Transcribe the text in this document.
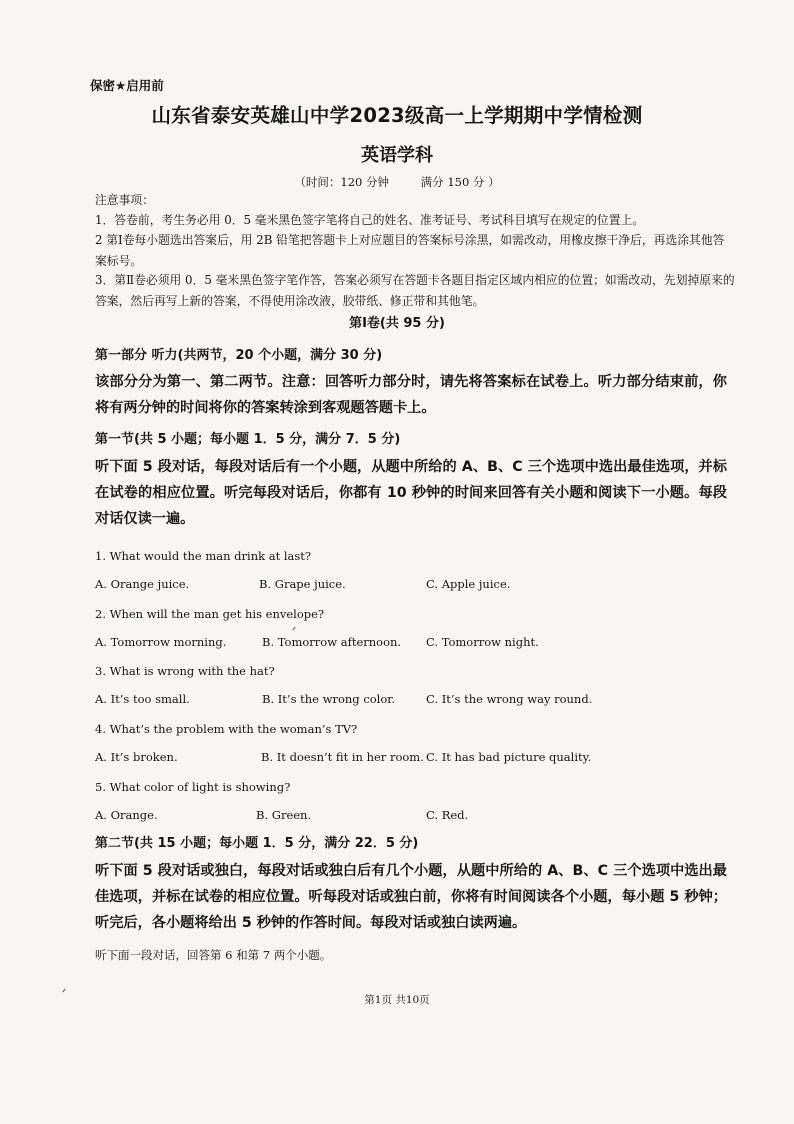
保密★启用前
山东省泰安英雄山中学2023级高一上学期期中学情检测
英语学科
（时间：120 分钟	满分 150 分 ）
注意事项：
1．答卷前，考生务必用 0．5 毫米黑色签字笔将自己的姓名、准考证号、考试科目填写在规定的位置上。
2 第Ⅰ卷每小题选出答案后，用 2B 铅笔把答题卡上对应题目的答案标号涂黑，如需改动，用橡皮擦干净后，再选涂其他答案标号。
3．第Ⅱ卷必须用 0．5 毫米黑色签字笔作答，答案必须写在答题卡各题目指定区域内相应的位置；如需改动，先划掉原来的答案，然后再写上新的答案，不得使用涂改液，胶带纸、修正带和其他笔。
第Ⅰ卷(共 95 分)
第一部分 听力(共两节，20 个小题，满分 30 分)
该部分分为第一、第二两节。注意：回答听力部分时，请先将答案标在试卷上。听力部分结束前，你将有两分钟的时间将你的答案转涂到客观题答题卡上。
第一节(共 5 小题；每小题 1．5 分，满分 7．5 分)
听下面 5 段对话，每段对话后有一个小题，从题中所给的 A、B、C 三个选项中选出最佳选项，并标在试卷的相应位置。听完每段对话后，你都有 10 秒钟的时间来回答有关小题和阅读下一小题。每段对话仅读一遍。
1. What would the man drink at last?
A. Orange juice.	B. Grape juice.	C. Apple juice.
2. When will the man get his envelope?
A. Tomorrow morning.	B. Tomorrow afternoon. C. Tomorrow night.
3. What is wrong with the hat?
A. It’s too small.	B. It’s the wrong color.	C. It’s the wrong way round.
4. What’s the problem with the woman’s TV?
A. It’s broken.	B. It doesn’t fit in her room. C. It has bad picture quality.
5. What color of light is showing?
A. Orange.	B. Green.	C. Red.
第二节(共 15 小题；每小题 1．5 分，满分 22．5 分)
听下面 5 段对话或独白，每段对话或独白后有几个小题，从题中所给的 A、B、C 三个选项中选出最佳选项，并标在试卷的相应位置。听每段对话或独白前，你将有时间阅读各个小题，每小题 5 秒钟；听完后，各小题将给出 5 秒钟的作答时间。每段对话或独白读两遍。
听下面一段对话，回答第 6 和第 7 两个小题。
第1页 共10页
